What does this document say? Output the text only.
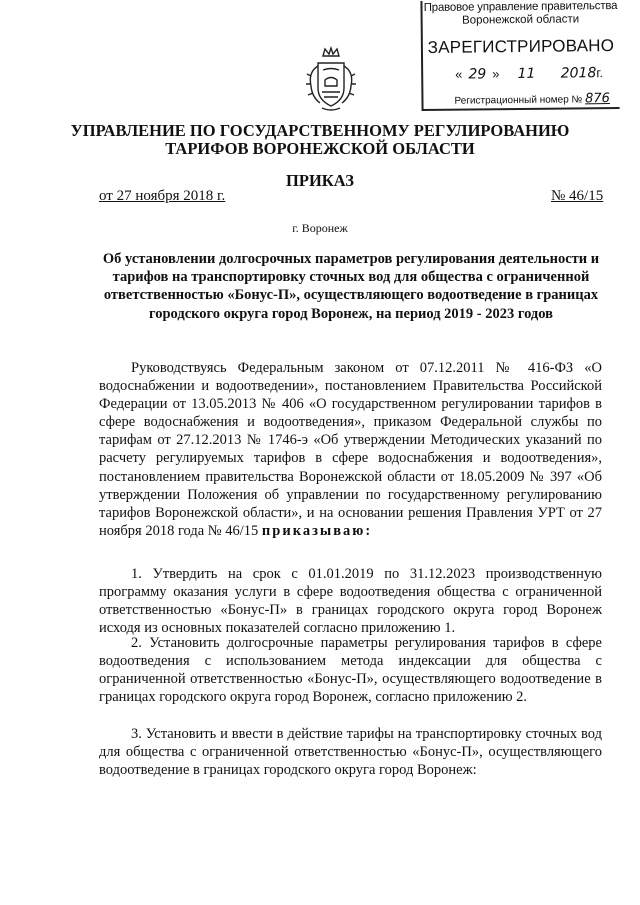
Правовое управление правительства
Воронежской области
ЗАРЕГИСТРИРОВАНО
« 29 » 11 2018г.
Регистрационный номер № 876
УПРАВЛЕНИЕ ПО ГОСУДАРСТВЕННОМУ РЕГУЛИРОВАНИЮ
ТАРИФОВ ВОРОНЕЖСКОЙ ОБЛАСТИ
ПРИКАЗ
от 27 ноября 2018 г.	№ 46/15
г. Воронеж
Об установлении долгосрочных параметров регулирования деятельности и тарифов на транспортировку сточных вод для общества с ограниченной ответственностью «Бонус-П», осуществляющего водоотведение в границах городского округа город Воронеж, на период 2019 - 2023 годов
Руководствуясь Федеральным законом от 07.12.2011 № 416-ФЗ «О водоснабжении и водоотведении», постановлением Правительства Российской Федерации от 13.05.2013 № 406 «О государственном регулировании тарифов в сфере водоснабжения и водоотведения», приказом Федеральной службы по тарифам от 27.12.2013 № 1746-э «Об утверждении Методических указаний по расчету регулируемых тарифов в сфере водоснабжения и водоотведения», постановлением правительства Воронежской области от 18.05.2009 № 397 «Об утверждении Положения об управлении по государственному регулированию тарифов Воронежской области», и на основании решения Правления УРТ от 27 ноября 2018 года № 46/15 приказываю:
1. Утвердить на срок с 01.01.2019 по 31.12.2023 производственную программу оказания услуги в сфере водоотведения общества с ограниченной ответственностью «Бонус-П» в границах городского округа город Воронеж исходя из основных показателей согласно приложению 1.
2. Установить долгосрочные параметры регулирования тарифов в сфере водоотведения с использованием метода индексации для общества с ограниченной ответственностью «Бонус-П», осуществляющего водоотведение в границах городского округа город Воронеж, согласно приложению 2.
3. Установить и ввести в действие тарифы на транспортировку сточных вод для общества с ограниченной ответственностью «Бонус-П», осуществляющего водоотведение в границах городского округа город Воронеж:
